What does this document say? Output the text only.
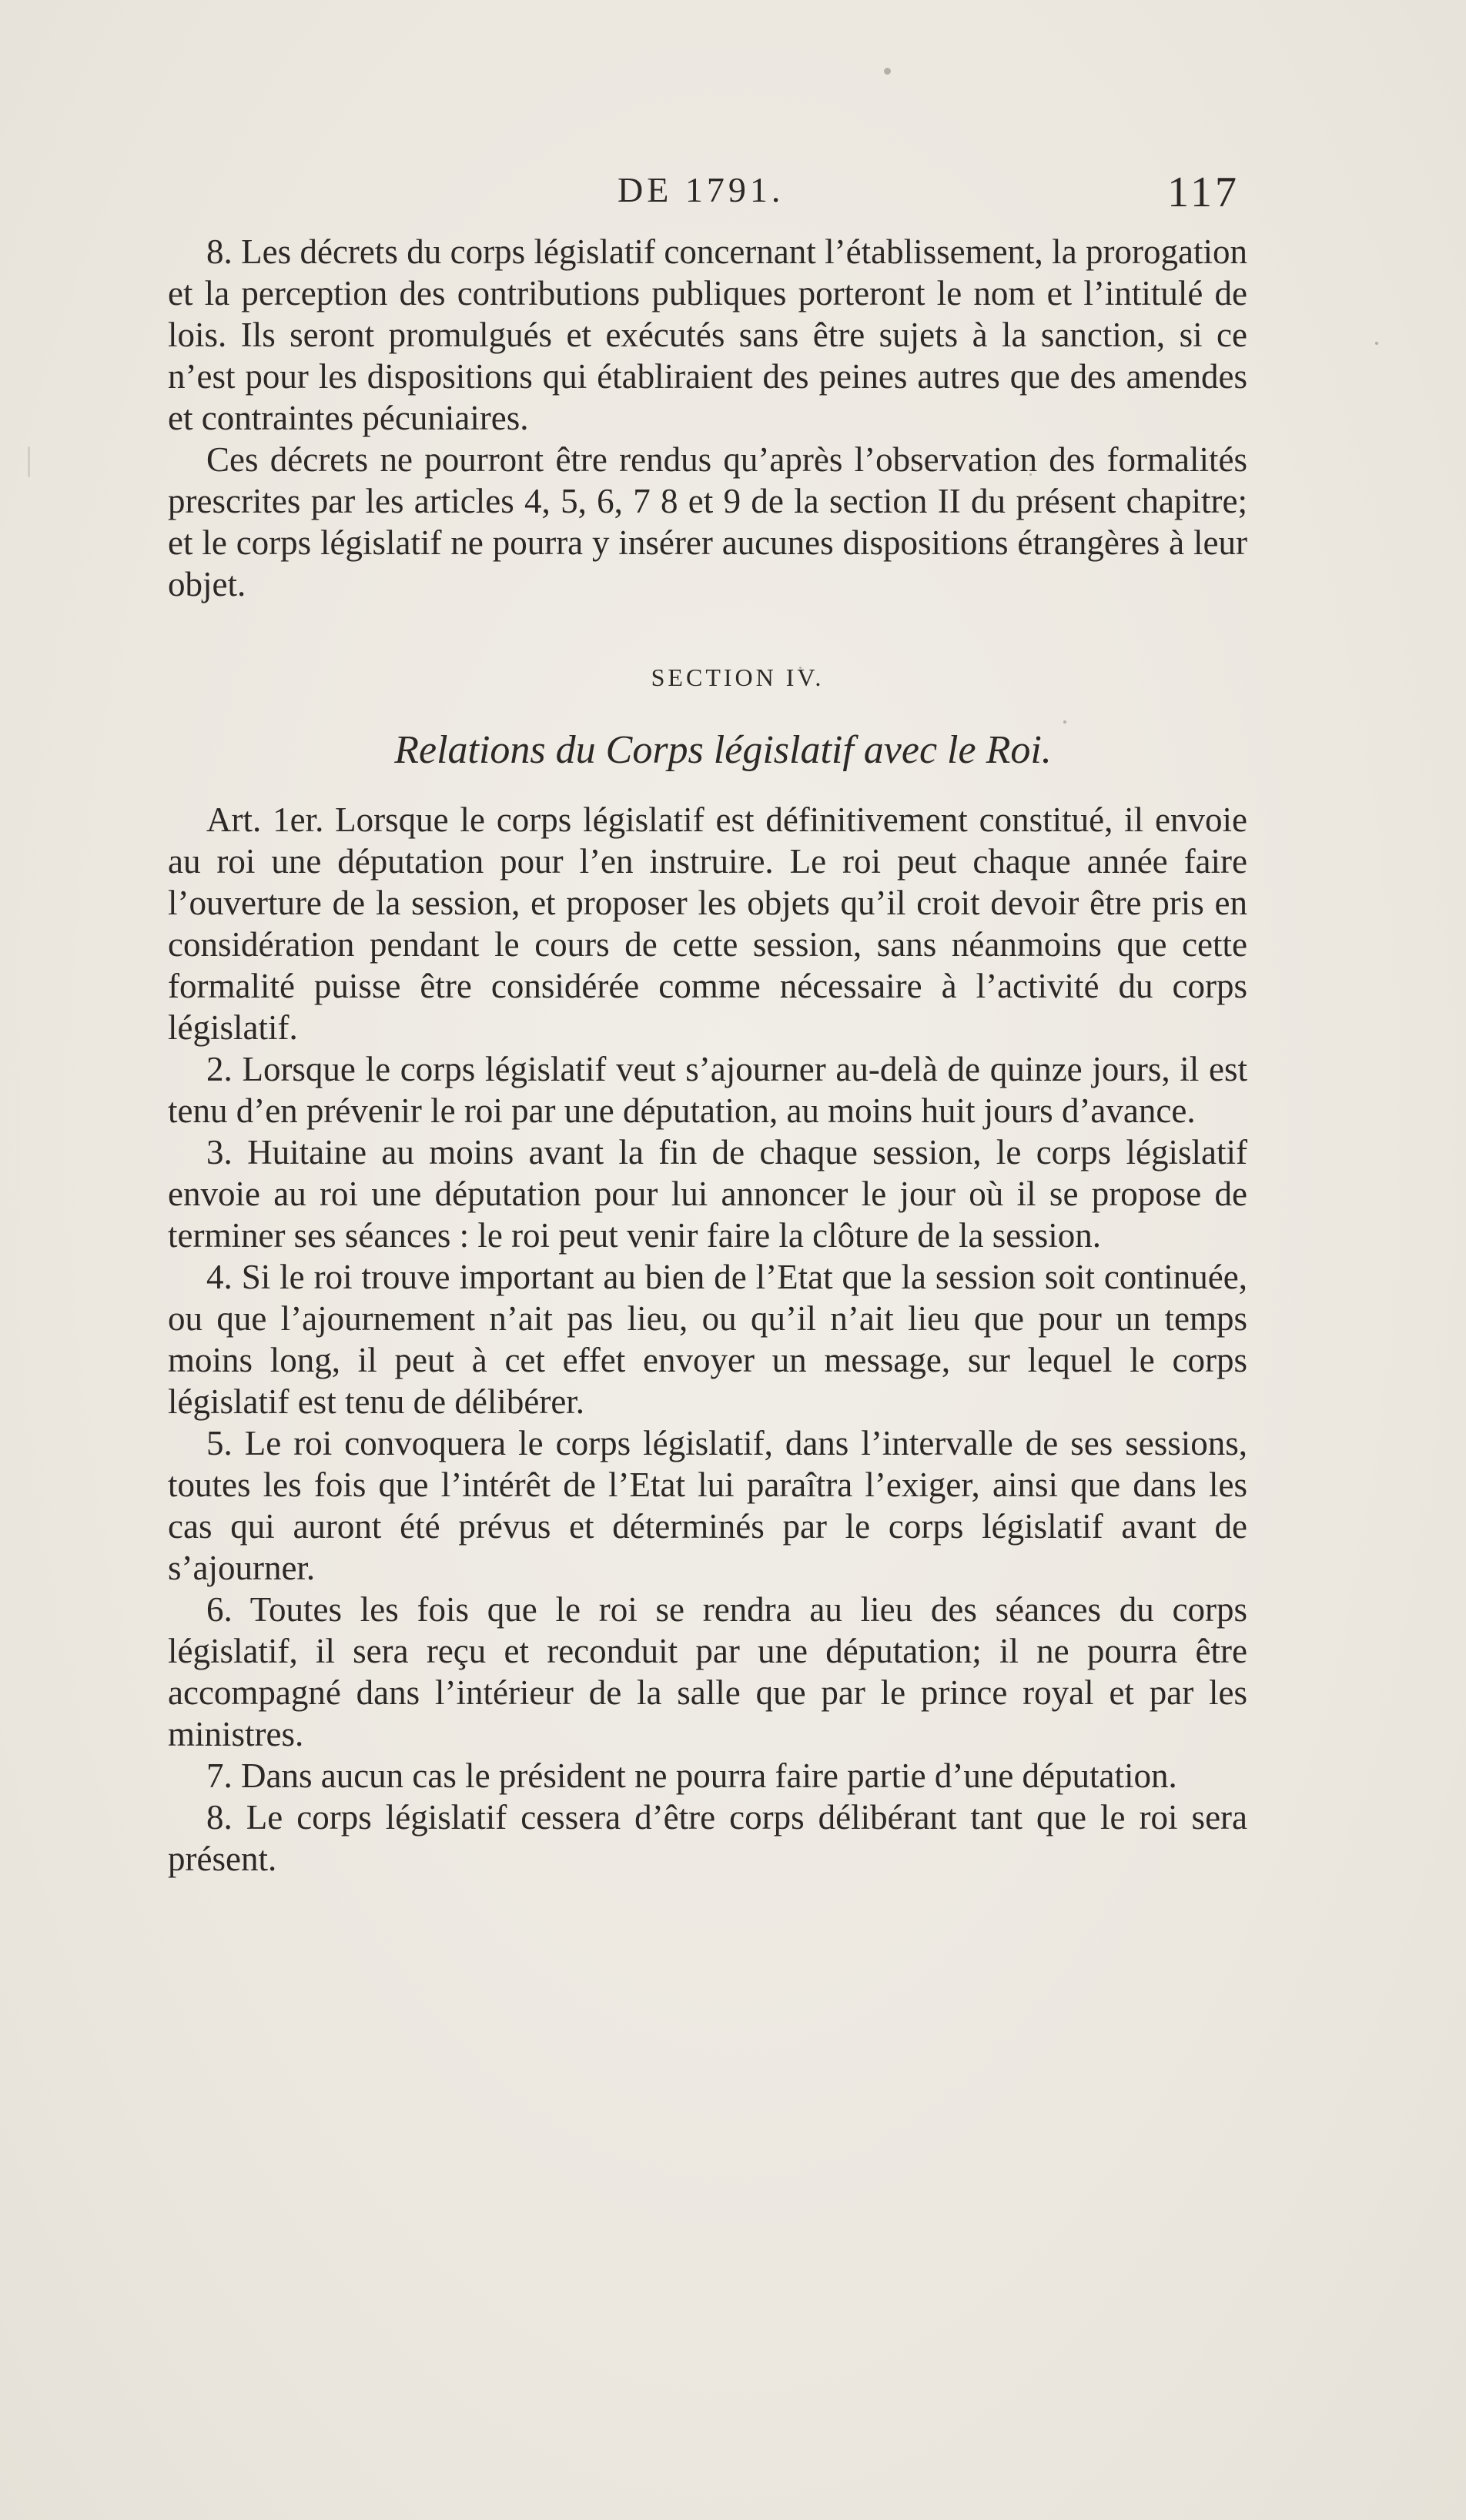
DE 1791.	117

8. Les décrets du corps législatif concernant l’établissement, la prorogation et la perception des contributions publiques porteront le nom et l’intitulé de lois. Ils seront promulgués et exécutés sans être sujets à la sanction, si ce n’est pour les dispositions qui établiraient des peines autres que des amendes et contraintes pécuniaires.

Ces décrets ne pourront être rendus qu’après l’observation des formalités prescrites par les articles 4, 5, 6, 7 8 et 9 de la section II du présent chapitre; et le corps législatif ne pourra y insérer aucunes dispositions étrangères à leur objet.

SECTION IV.
Relations du Corps législatif avec le Roi.

Art. 1er. Lorsque le corps législatif est définitivement constitué, il envoie au roi une députation pour l’en instruire. Le roi peut chaque année faire l’ouverture de la session, et proposer les objets qu’il croit devoir être pris en considération pendant le cours de cette session, sans néanmoins que cette formalité puisse être considérée comme nécessaire à l’activité du corps législatif.

2. Lorsque le corps législatif veut s’ajourner au-delà de quinze jours, il est tenu d’en prévenir le roi par une députation, au moins huit jours d’avance.

3. Huitaine au moins avant la fin de chaque session, le corps législatif envoie au roi une députation pour lui annoncer le jour où il se propose de terminer ses séances : le roi peut venir faire la clôture de la session.

4. Si le roi trouve important au bien de l’Etat que la session soit continuée, ou que l’ajournement n’ait pas lieu, ou qu’il n’ait lieu que pour un temps moins long, il peut à cet effet envoyer un message, sur lequel le corps législatif est tenu de délibérer.

5. Le roi convoquera le corps législatif, dans l’intervalle de ses sessions, toutes les fois que l’intérêt de l’Etat lui paraîtra l’exiger, ainsi que dans les cas qui auront été prévus et déterminés par le corps législatif avant de s’ajourner.

6. Toutes les fois que le roi se rendra au lieu des séances du corps législatif, il sera reçu et reconduit par une députation; il ne pourra être accompagné dans l’intérieur de la salle que par le prince royal et par les ministres.

7. Dans aucun cas le président ne pourra faire partie d’une députation.

8. Le corps législatif cessera d’être corps délibérant tant que le roi sera présent.
